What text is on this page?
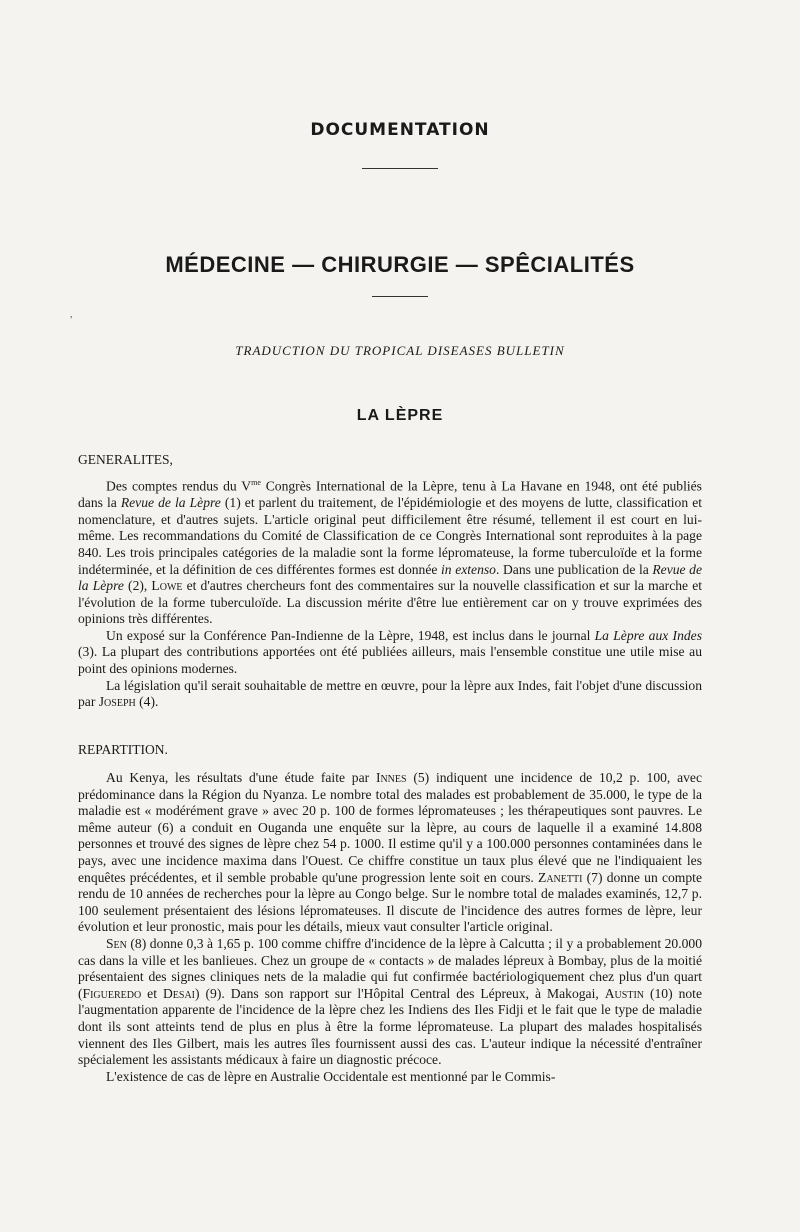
DOCUMENTATION
MÉDECINE — CHIRURGIE — SPÊCIALITÉS
,
TRADUCTION DU TROPICAL DISEASES BULLETIN
LA LÈPRE
GENERALITES,

Des comptes rendus du $V^{me}$ Congrès International de la Lèpre, tenu à La Havane en 1948, ont été publiés dans la Revue de la Lèpre (1) et parlent du traitement, de l'épidémiologie et des moyens de lutte, classification et nomenclature, et d'autres sujets. L'article original peut difficilement être résumé, tellement il est court en lui-même. Les recommandations du Comité de Classification de ce Congrès International sont reproduites à la page 840. Les trois principales catégories de la maladie sont la forme lépromateuse, la forme tuberculoïde et la forme indéterminée, et la définition de ces différentes formes est donnée in extenso. Dans une publication de la Revue de la Lèpre (2), Lowe et d'autres chercheurs font des commentaires sur la nouvelle classification et sur la marche et l'évolution de la forme tuberculoïde. La discussion mérite d'être lue entièrement car on y trouve exprimées des opinions très différentes.

Un exposé sur la Conférence Pan-Indienne de la Lèpre, 1948, est inclus dans le journal La Lèpre aux Indes (3). La plupart des contributions apportées ont été publiées ailleurs, mais l'ensemble constitue une utile mise au point des opinions modernes.

La législation qu'il serait souhaitable de mettre en œuvre, pour la lèpre aux Indes, fait l'objet d'une discussion par Joseph (4).

REPARTITION.

Au Kenya, les résultats d'une étude faite par Innes (5) indiquent une incidence de 10,2 p. 100, avec prédominance dans la Région du Nyanza. Le nombre total des malades est probablement de 35.000, le type de la maladie est « modérément grave » avec 20 p. 100 de formes lépromateuses ; les thérapeutiques sont pauvres. Le même auteur (6) a conduit en Ouganda une enquête sur la lèpre, au cours de laquelle il a examiné 14.808 personnes et trouvé des signes de lèpre chez 54 p. 1000. Il estime qu'il y a 100.000 personnes contaminées dans le pays, avec une incidence maxima dans l'Ouest. Ce chiffre constitue un taux plus élevé que ne l'indiquaient les enquêtes précédentes, et il semble probable qu'une progression lente soit en cours. Zanetti (7) donne un compte rendu de 10 années de recherches pour la lèpre au Congo belge. Sur le nombre total de malades examinés, 12,7 p. 100 seulement présentaient des lésions lépromateuses. Il discute de l'incidence des autres formes de lèpre, leur évolution et leur pronostic, mais pour les détails, mieux vaut consulter l'article original.

Sen (8) donne 0,3 à 1,65 p. 100 comme chiffre d'incidence de la lèpre à Calcutta ; il y a probablement 20.000 cas dans la ville et les banlieues. Chez un groupe de « contacts » de malades lépreux à Bombay, plus de la moitié présentaient des signes cliniques nets de la maladie qui fut confirmée bactériologiquement chez plus d'un quart (Figueredo et Desai) (9). Dans son rapport sur l'Hôpital Central des Lépreux, à Makogai, Austin (10) note l'augmentation apparente de l'incidence de la lèpre chez les Indiens des Iles Fidji et le fait que le type de maladie dont ils sont atteints tend de plus en plus à être la forme lépromateuse. La plupart des malades hospitalisés viennent des Iles Gilbert, mais les autres îles fournissent aussi des cas. L'auteur indique la nécessité d'entraîner spécialement les assistants médicaux à faire un diagnostic précoce.

L'existence de cas de lèpre en Australie Occidentale est mentionné par le Commis-
